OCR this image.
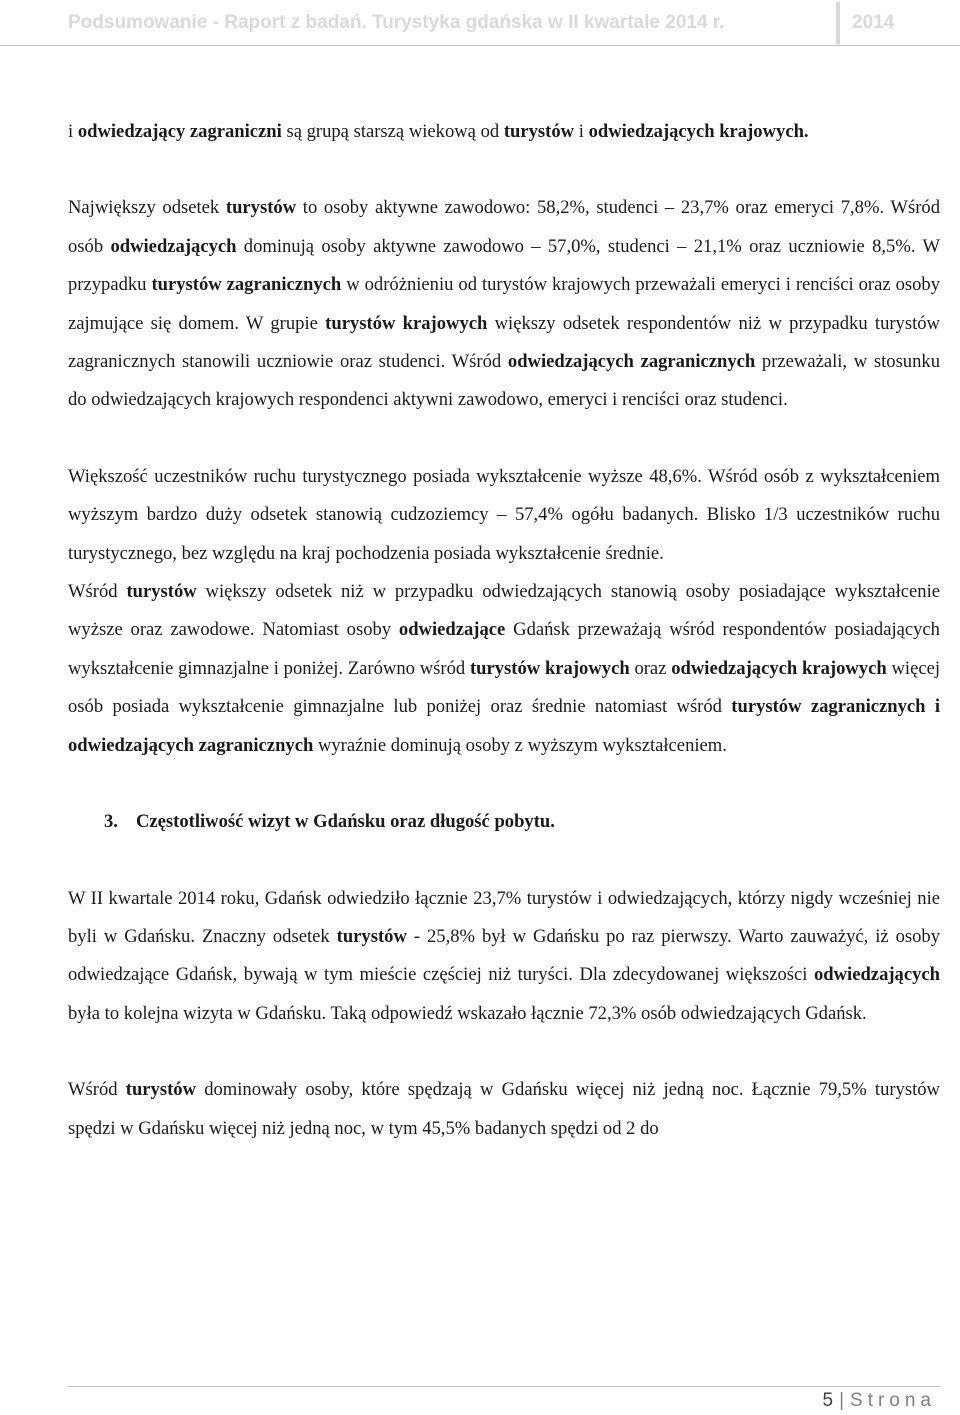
Podsumowanie - Raport z badań. Turystyka gdańska w II kwartale 2014 r.	2014

i odwiedzający zagraniczni są grupą starszą wiekową od turystów i odwiedzających krajowych.

Największy odsetek turystów to osoby aktywne zawodowo: 58,2%, studenci – 23,7% oraz emeryci 7,8%. Wśród osób odwiedzających dominują osoby aktywne zawodowo – 57,0%, studenci – 21,1% oraz uczniowie 8,5%. W przypadku turystów zagranicznych w odróżnieniu od turystów krajowych przeważali emeryci i renciści oraz osoby zajmujące się domem. W grupie turystów krajowych większy odsetek respondentów niż w przypadku turystów zagranicznych stanowili uczniowie oraz studenci. Wśród odwiedzających zagranicznych przeważali, w stosunku do odwiedzających krajowych respondenci aktywni zawodowo, emeryci i renciści oraz studenci.

Większość uczestników ruchu turystycznego posiada wykształcenie wyższe 48,6%. Wśród osób z wykształceniem wyższym bardzo duży odsetek stanowią cudzoziemcy – 57,4% ogółu badanych. Blisko 1/3 uczestników ruchu turystycznego, bez względu na kraj pochodzenia posiada wykształcenie średnie.

Wśród turystów większy odsetek niż w przypadku odwiedzających stanowią osoby posiadające wykształcenie wyższe oraz zawodowe. Natomiast osoby odwiedzające Gdańsk przeważają wśród respondentów posiadających wykształcenie gimnazjalne i poniżej. Zarówno wśród turystów krajowych oraz odwiedzających krajowych więcej osób posiada wykształcenie gimnazjalne lub poniżej oraz średnie natomiast wśród turystów zagranicznych i odwiedzających zagranicznych wyraźnie dominują osoby z wyższym wykształceniem.

3. Częstotliwość wizyt w Gdańsku oraz długość pobytu.

W II kwartale 2014 roku, Gdańsk odwiedziło łącznie 23,7% turystów i odwiedzających, którzy nigdy wcześniej nie byli w Gdańsku. Znaczny odsetek turystów - 25,8% był w Gdańsku po raz pierwszy. Warto zauważyć, iż osoby odwiedzające Gdańsk, bywają w tym mieście częściej niż turyści. Dla zdecydowanej większości odwiedzających była to kolejna wizyta w Gdańsku. Taką odpowiedź wskazało łącznie 72,3% osób odwiedzających Gdańsk.

Wśród turystów dominowały osoby, które spędzają w Gdańsku więcej niż jedną noc. Łącznie 79,5% turystów spędzi w Gdańsku więcej niż jedną noc, w tym 45,5% badanych spędzi od 2 do

5 | Strona
